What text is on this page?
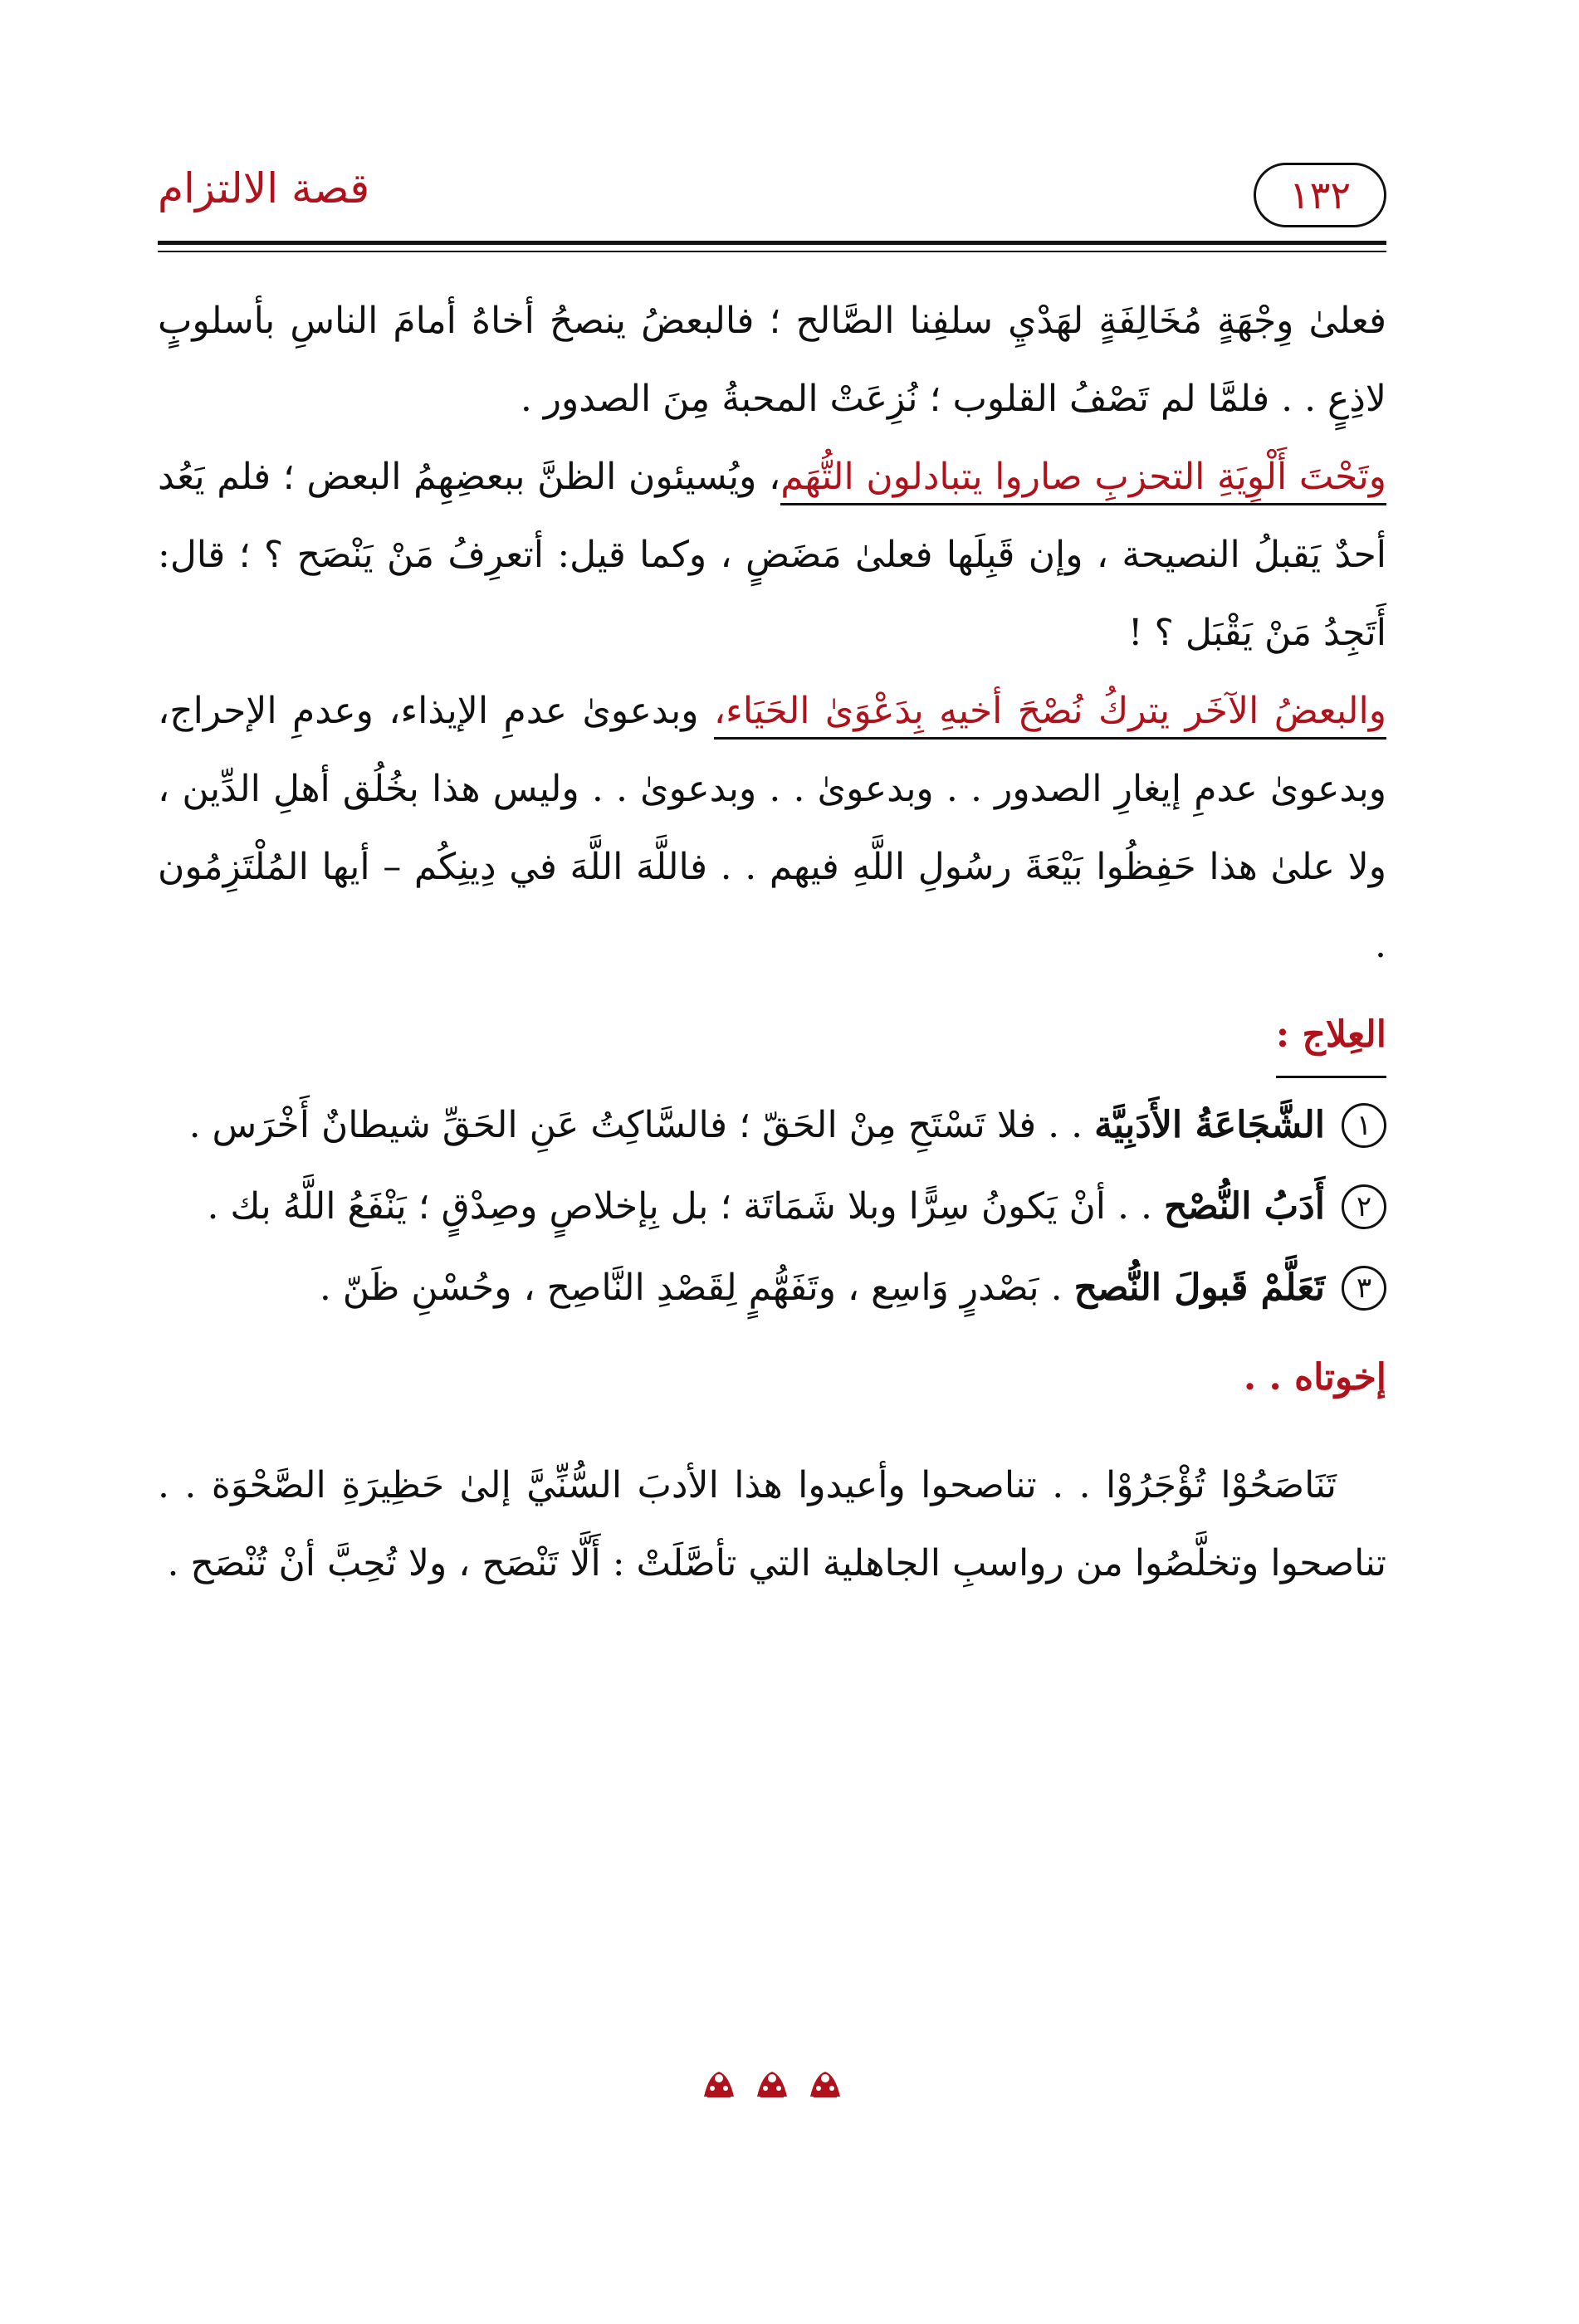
قصة الالتزام	١٣٢

فعلىٰ وِجْهَةٍ مُخَالِفَةٍ لهَدْيِ سلفِنا الصَّالح ؛ فالبعضُ ينصحُ أخاهُ أمامَ الناسِ بأسلوبٍ لاذِعٍ . . فلمَّا لم تَصْفُ القلوب ؛ نُزِعَتْ المحبةُ مِنَ الصدور .

وتَحْتَ أَلْوِيَةِ التحزبِ صاروا يتبادلون التُّهَم، ويُسيئون الظنَّ ببعضِهِمُ البعض ؛ فلم يَعُد أحدٌ يَقبلُ النصيحة ، وإن قَبِلَها فعلىٰ مَضَضٍ ، وكما قيل: أتعرِفُ مَنْ يَنْصَح ؟ ؛ قال: أَتَجِدُ مَنْ يَقْبَل ؟ !

والبعضُ الآخَر يتركُ نُصْحَ أخيهِ بِدَعْوَىٰ الحَيَاء، وبدعوىٰ عدمِ الإيذاء، وعدمِ الإحراج، وبدعوىٰ عدمِ إيغارِ الصدور . . وبدعوىٰ . . وبدعوىٰ . . وليس هذا بخُلُق أهلِ الدِّين ، ولا علىٰ هذا حَفِظُوا بَيْعَةَ رسُولِ اللَّهِ فيهم . . فاللَّهَ اللَّهَ في دِينِكُم – أيها المُلْتَزِمُون .

العِلاج :
١
الشَّجَاعَةُ الأَدَبِيَّة . . فلا تَسْتَحِ مِنْ الحَقّ ؛ فالسَّاكِتُ عَنِ الحَقِّ شيطانٌ أَخْرَس .
٢
أَدَبُ النُّصْح . . أنْ يَكونُ سِرًّا وبلا شَمَاتَة ؛ بل بِإخلاصٍ وصِدْقٍ ؛ يَنْفَعُ اللَّهُ بك .
٣
تَعَلَّمْ قَبولَ النُّصح . بَصْدرٍ وَاسِع ، وتَفَهُّمٍ لِقَصْدِ النَّاصِح ، وحُسْنِ ظَنّ .
إخوتاه . .

تَنَاصَحُوْا تُؤْجَرُوْا . . تناصحوا وأعيدوا هذا الأدبَ السُّنِّيَّ إلىٰ حَظِيرَةِ الصَّحْوَة . . تناصحوا وتخلَّصُوا من رواسبِ الجاهلية التي تأصَّلَتْ : أَلَّا تَنْصَح ، ولا تُحِبَّ أنْ تُنْصَح .
